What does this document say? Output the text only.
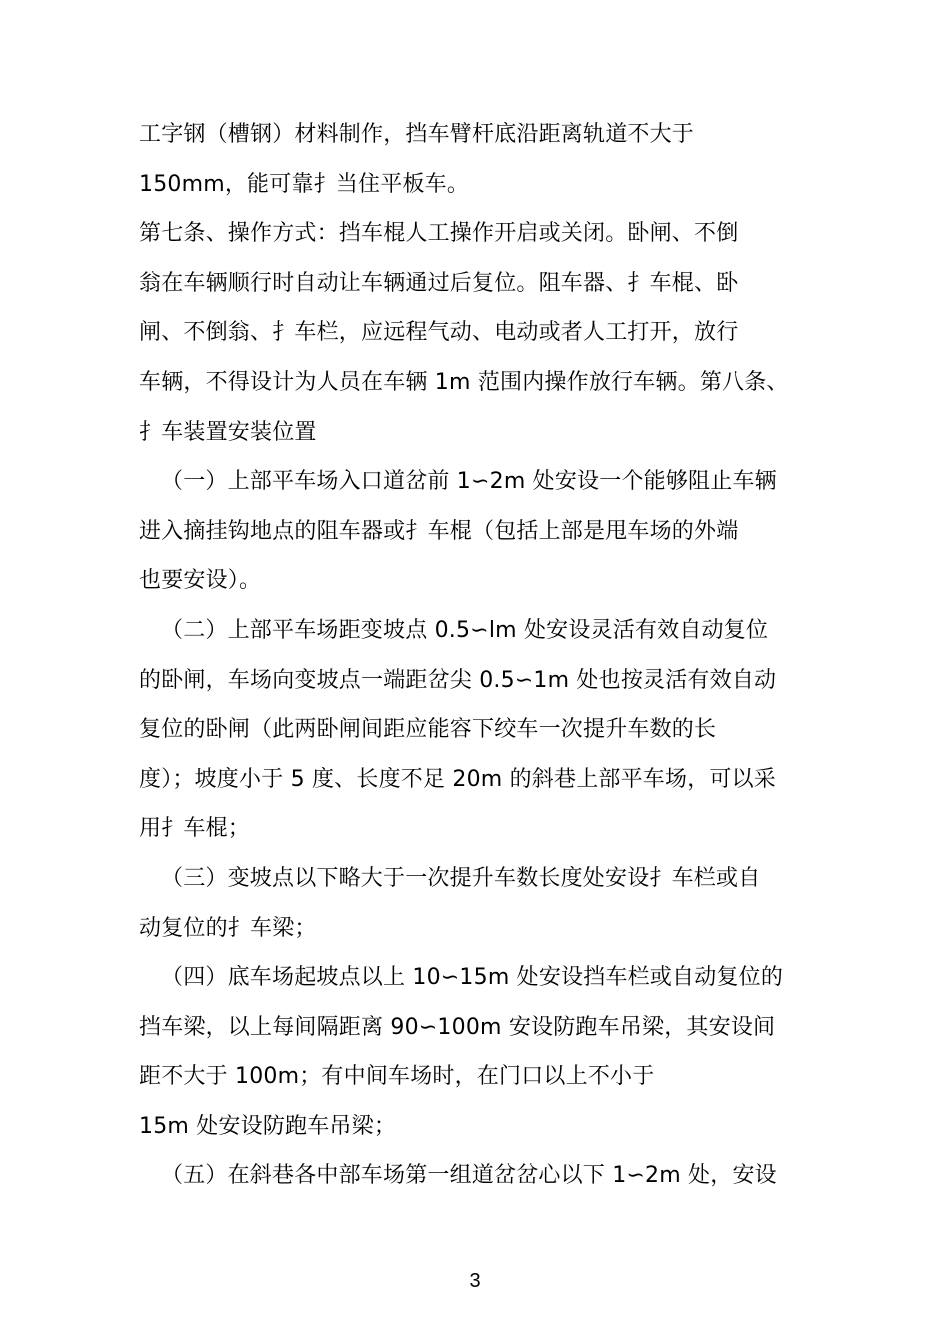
工字钢（槽钢）材料制作，挡车臂杆底沿距离轨道不大于
150mm，能可靠扌当住平板车。
第七条、操作方式：挡车棍人工操作开启或关闭。卧闸、不倒
翁在车辆顺行时自动让车辆通过后复位。阻车器、扌车棍、卧
闸、不倒翁、扌车栏，应远程气动、电动或者人工打开，放行
车辆，不得设计为人员在车辆 1m 范围内操作放行车辆。第八条、
扌车装置安装位置
（一）上部平车场入口道岔前 1∽2m 处安设一个能够阻止车辆
进入摘挂钩地点的阻车器或扌车棍（包括上部是甩车场的外端
也要安设）。
（二）上部平车场距变坡点 0.5∽lm 处安设灵活有效自动复位
的卧闸，车场向变坡点一端距岔尖 0.5∽1m 处也按灵活有效自动
复位的卧闸（此两卧闸间距应能容下绞车一次提升车数的长
度）；坡度小于 5 度、长度不足 20m 的斜巷上部平车场，可以采
用扌车棍；
（三）变坡点以下略大于一次提升车数长度处安设扌车栏或自
动复位的扌车梁；
（四）底车场起坡点以上 10∽15m 处安设挡车栏或自动复位的
挡车梁，以上每间隔距离 90∽100m 安设防跑车吊梁，其安设间
距不大于 100m；有中间车场时，在门口以上不小于
15m 处安设防跑车吊梁；
（五）在斜巷各中部车场第一组道岔岔心以下 1∽2m 处，安设
3
